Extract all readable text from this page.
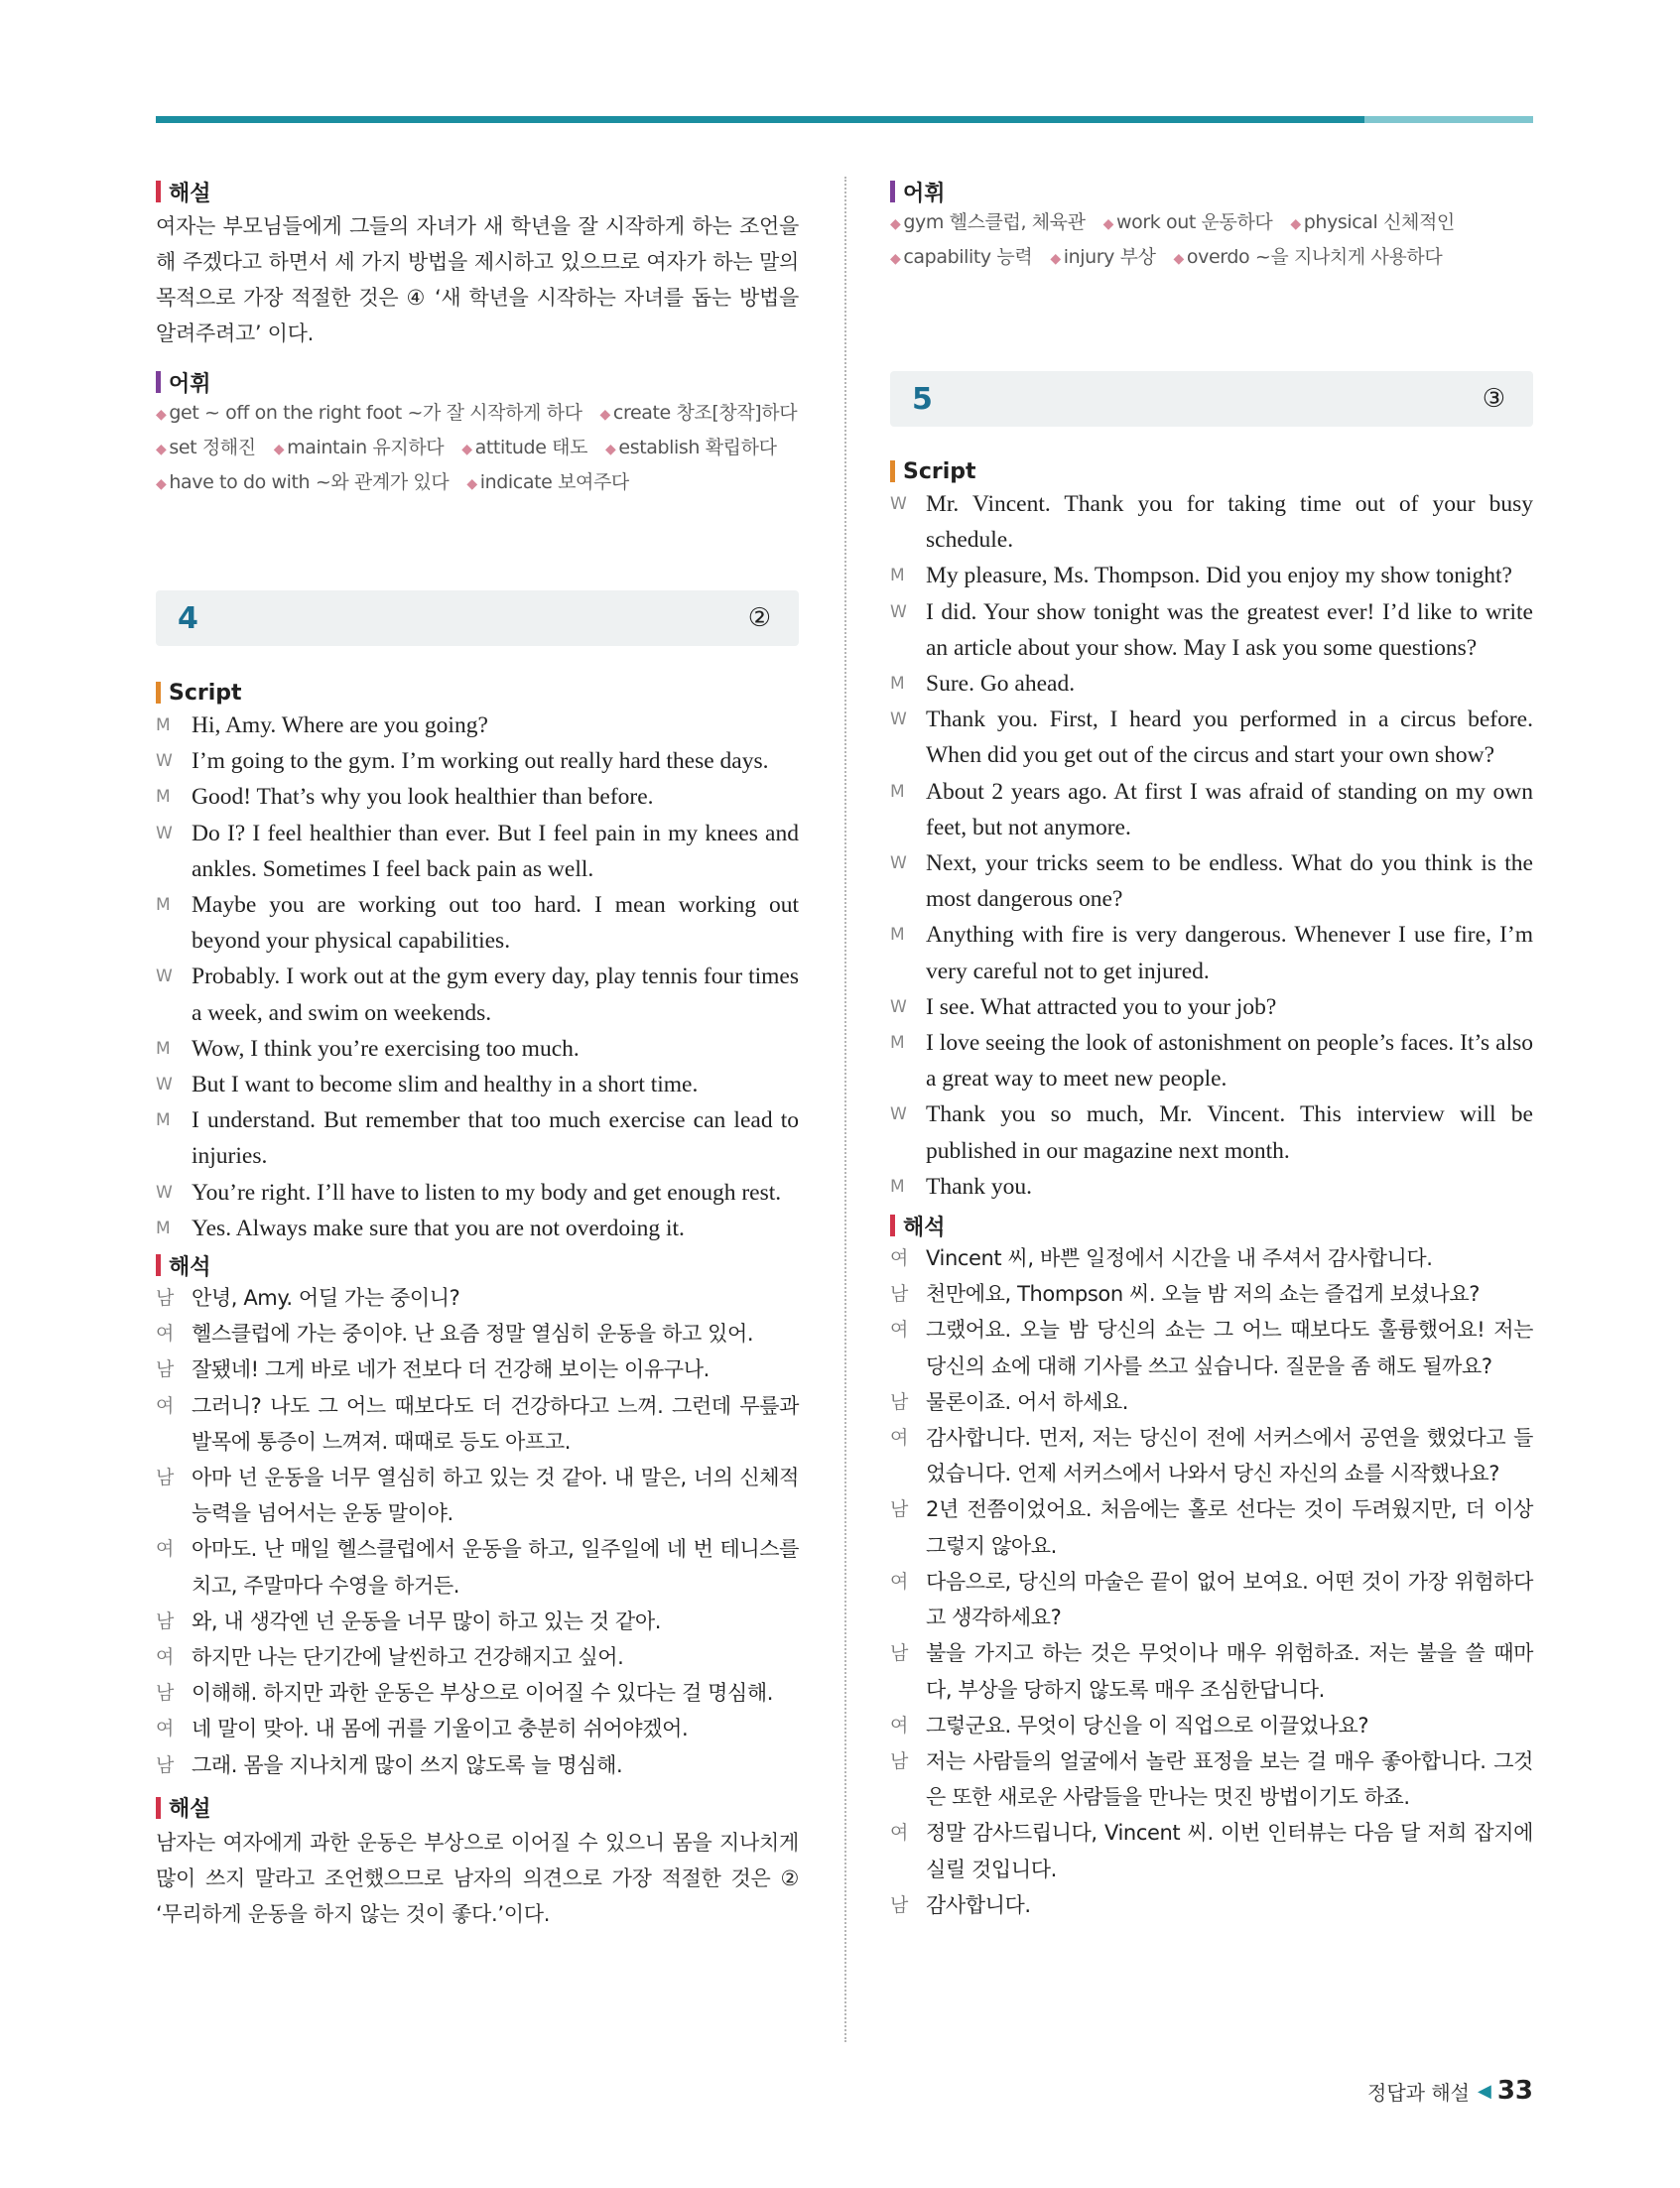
해설

여자는 부모님들에게 그들의 자녀가 새 학년을 잘 시작하게 하는 조언을 해 주겠다고 하면서 세 가지 방법을 제시하고 있으므로 여자가 하는 말의 목적으로 가장 적절한 것은 ④ ‘새 학년을 시작하는 자녀를 돕는 방법을 알려주려고’ 이다.

어휘
◆ get ~ off on the right foot ~가 잘 시작하게 하다 ◆ create 창조[창작]하다
◆ set 정해진 ◆ maintain 유지하다 ◆ attitude 태도 ◆ establish 확립하다
◆ have to do with ~와 관계가 있다 ◆ indicate 보여주다
4	②
Script
M Hi, Amy. Where are you going?
W I’m going to the gym. I’m working out really hard these days.
M Good! That’s why you look healthier than before.
W Do I? I feel healthier than ever. But I feel pain in my knees and ankles. Sometimes I feel back pain as well.
M Maybe you are working out too hard. I mean working out beyond your physical capabilities.
W Probably. I work out at the gym every day, play tennis four times a week, and swim on weekends.
M Wow, I think you’re exercising too much.
W But I want to become slim and healthy in a short time.
M I understand. But remember that too much exercise can lead to injuries.
W You’re right. I’ll have to listen to my body and get enough rest.
M Yes. Always make sure that you are not overdoing it.
해석
남 안녕, Amy. 어딜 가는 중이니?
여 헬스클럽에 가는 중이야. 난 요즘 정말 열심히 운동을 하고 있어.
남 잘됐네! 그게 바로 네가 전보다 더 건강해 보이는 이유구나.
여 그러니? 나도 그 어느 때보다도 더 건강하다고 느껴. 그런데 무릎과 발목에 통증이 느껴져. 때때로 등도 아프고.
남 아마 넌 운동을 너무 열심히 하고 있는 것 같아. 내 말은, 너의 신체적 능력을 넘어서는 운동 말이야.
여 아마도. 난 매일 헬스클럽에서 운동을 하고, 일주일에 네 번 테니스를 치고, 주말마다 수영을 하거든.
남 와, 내 생각엔 넌 운동을 너무 많이 하고 있는 것 같아.
여 하지만 나는 단기간에 날씬하고 건강해지고 싶어.
남 이해해. 하지만 과한 운동은 부상으로 이어질 수 있다는 걸 명심해.
여 네 말이 맞아. 내 몸에 귀를 기울이고 충분히 쉬어야겠어.
남 그래. 몸을 지나치게 많이 쓰지 않도록 늘 명심해.
해설

남자는 여자에게 과한 운동은 부상으로 이어질 수 있으니 몸을 지나치게 많이 쓰지 말라고 조언했으므로 남자의 의견으로 가장 적절한 것은 ② ‘무리하게 운동을 하지 않는 것이 좋다.’이다.

어휘
◆ gym 헬스클럽, 체육관 ◆ work out 운동하다 ◆ physical 신체적인
◆ capability 능력 ◆ injury 부상 ◆ overdo ~을 지나치게 사용하다
5	③
Script
W Mr. Vincent. Thank you for taking time out of your busy schedule.
M My pleasure, Ms. Thompson. Did you enjoy my show tonight?
W I did. Your show tonight was the greatest ever! I’d like to write an article about your show. May I ask you some questions?
M Sure. Go ahead.
W Thank you. First, I heard you performed in a circus before. When did you get out of the circus and start your own show?
M About 2 years ago. At first I was afraid of standing on my own feet, but not anymore.
W Next, your tricks seem to be endless. What do you think is the most dangerous one?
M Anything with fire is very dangerous. Whenever I use fire, I’m very careful not to get injured.
W I see. What attracted you to your job?
M I love seeing the look of astonishment on people’s faces. It’s also a great way to meet new people.
W Thank you so much, Mr. Vincent. This interview will be published in our magazine next month.
M Thank you.
해석
여 Vincent 씨, 바쁜 일정에서 시간을 내 주셔서 감사합니다.
남 천만에요, Thompson 씨. 오늘 밤 저의 쇼는 즐겁게 보셨나요?
여 그랬어요. 오늘 밤 당신의 쇼는 그 어느 때보다도 훌륭했어요! 저는 당신의 쇼에 대해 기사를 쓰고 싶습니다. 질문을 좀 해도 될까요?
남 물론이죠. 어서 하세요.
여 감사합니다. 먼저, 저는 당신이 전에 서커스에서 공연을 했었다고 들었습니다. 언제 서커스에서 나와서 당신 자신의 쇼를 시작했나요?
남 2년 전쯤이었어요. 처음에는 홀로 선다는 것이 두려웠지만, 더 이상 그렇지 않아요.
여 다음으로, 당신의 마술은 끝이 없어 보여요. 어떤 것이 가장 위험하다고 생각하세요?
남 불을 가지고 하는 것은 무엇이나 매우 위험하죠. 저는 불을 쓸 때마다, 부상을 당하지 않도록 매우 조심한답니다.
여 그렇군요. 무엇이 당신을 이 직업으로 이끌었나요?
남 저는 사람들의 얼굴에서 놀란 표정을 보는 걸 매우 좋아합니다. 그것은 또한 새로운 사람들을 만나는 멋진 방법이기도 하죠.
여 정말 감사드립니다, Vincent 씨. 이번 인터뷰는 다음 달 저희 잡지에 실릴 것입니다.
남 감사합니다.
정답과 해설 ◀ 33
